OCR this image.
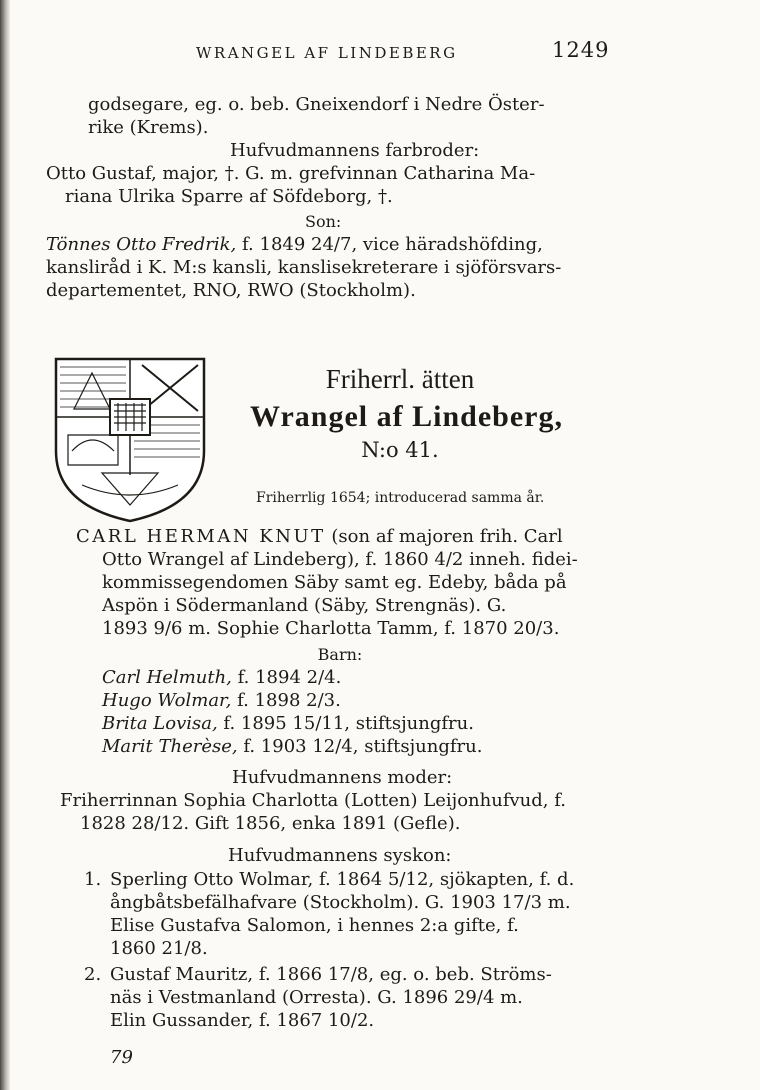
WRANGEL AF LINDEBERG	1249
godsegare, eg. o. beb. Gneixendorf i Nedre Öster-
rike (Krems).
Hufvudmannens farbroder:
Otto Gustaf, major, †. G. m. grefvinnan Catharina Ma-
riana Ulrika Sparre af Söfdeborg, †.
Son:
Tönnes Otto Fredrik, f. 1849 24/7, vice häradshöfding,
kansliråd i K. M:s kansli, kanslisekreterare i sjöförsvars-
departementet, RNO, RWO (Stockholm).
Friherrl. ätten
Wrangel af Lindeberg,
N:o 41.
Friherrlig 1654; introducerad samma år.
CARL HERMAN KNUT (son af majoren frih. Carl
Otto Wrangel af Lindeberg), f. 1860 4/2 inneh. fidei-
kommissegendomen Säby samt eg. Edeby, båda på
Aspön i Södermanland (Säby, Strengnäs). G.
1893 9/6 m. Sophie Charlotta Tamm, f. 1870 20/3.
Barn:
Carl Helmuth, f. 1894 2/4.
Hugo Wolmar, f. 1898 2/3.
Brita Lovisa, f. 1895 15/11, stiftsjungfru.
Marit Therèse, f. 1903 12/4, stiftsjungfru.
Hufvudmannens moder:
Friherrinnan Sophia Charlotta (Lotten) Leijonhufvud, f.
1828 28/12. Gift 1856, enka 1891 (Gefle).
Hufvudmannens syskon:
1. Sperling Otto Wolmar, f. 1864 5/12, sjökapten, f. d.
ångbåtsbefälhafvare (Stockholm). G. 1903 17/3 m.
Elise Gustafva Salomon, i hennes 2:a gifte, f.
1860 21/8.
2. Gustaf Mauritz, f. 1866 17/8, eg. o. beb. Ströms-
näs i Vestmanland (Orresta). G. 1896 29/4 m.
Elin Gussander, f. 1867 10/2.
79
